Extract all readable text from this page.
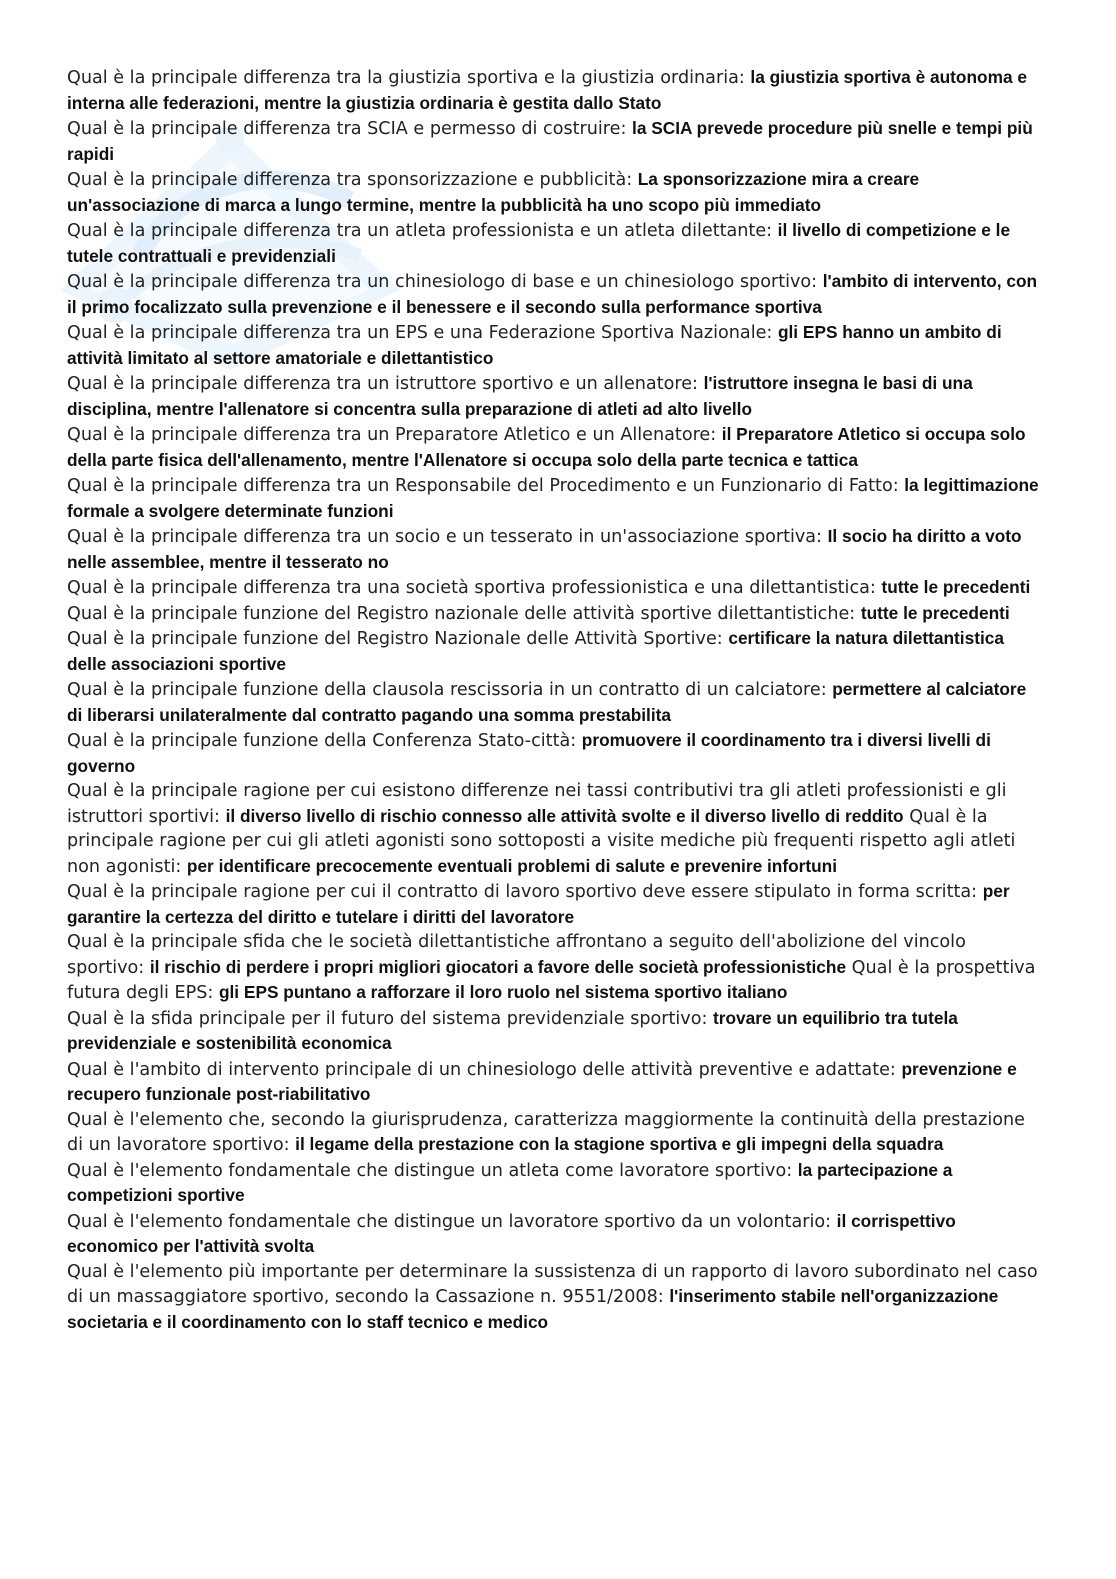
Qual è la principale differenza tra la giustizia sportiva e la giustizia ordinaria: la giustizia sportiva è autonoma e interna alle federazioni, mentre la giustizia ordinaria è gestita dallo Stato
Qual è la principale differenza tra SCIA e permesso di costruire: la SCIA prevede procedure più snelle e tempi più rapidi
Qual è la principale differenza tra sponsorizzazione e pubblicità: La sponsorizzazione mira a creare un'associazione di marca a lungo termine, mentre la pubblicità ha uno scopo più immediato
Qual è la principale differenza tra un atleta professionista e un atleta dilettante: il livello di competizione e le tutele contrattuali e previdenziali
Qual è la principale differenza tra un chinesiologo di base e un chinesiologo sportivo: l'ambito di intervento, con il primo focalizzato sulla prevenzione e il benessere e il secondo sulla performance sportiva
Qual è la principale differenza tra un EPS e una Federazione Sportiva Nazionale: gli EPS hanno un ambito di attività limitato al settore amatoriale e dilettantistico
Qual è la principale differenza tra un istruttore sportivo e un allenatore: l'istruttore insegna le basi di una disciplina, mentre l'allenatore si concentra sulla preparazione di atleti ad alto livello
Qual è la principale differenza tra un Preparatore Atletico e un Allenatore: il Preparatore Atletico si occupa solo della parte fisica dell'allenamento, mentre l'Allenatore si occupa solo della parte tecnica e tattica
Qual è la principale differenza tra un Responsabile del Procedimento e un Funzionario di Fatto: la legittimazione formale a svolgere determinate funzioni
Qual è la principale differenza tra un socio e un tesserato in un'associazione sportiva: Il socio ha diritto a voto nelle assemblee, mentre il tesserato no
Qual è la principale differenza tra una società sportiva professionistica e una dilettantistica: tutte le precedenti
Qual è la principale funzione del Registro nazionale delle attività sportive dilettantistiche: tutte le precedenti
Qual è la principale funzione del Registro Nazionale delle Attività Sportive: certificare la natura dilettantistica delle associazioni sportive
Qual è la principale funzione della clausola rescissoria in un contratto di un calciatore: permettere al calciatore di liberarsi unilateralmente dal contratto pagando una somma prestabilita
Qual è la principale funzione della Conferenza Stato-città: promuovere il coordinamento tra i diversi livelli di governo
Qual è la principale ragione per cui esistono differenze nei tassi contributivi tra gli atleti professionisti e gli istruttori sportivi: il diverso livello di rischio connesso alle attività svolte e il diverso livello di reddito Qual è la principale ragione per cui gli atleti agonisti sono sottoposti a visite mediche più frequenti rispetto agli atleti non agonisti: per identificare precocemente eventuali problemi di salute e prevenire infortuni
Qual è la principale ragione per cui il contratto di lavoro sportivo deve essere stipulato in forma scritta: per garantire la certezza del diritto e tutelare i diritti del lavoratore
Qual è la principale sfida che le società dilettantistiche affrontano a seguito dell'abolizione del vincolo sportivo: il rischio di perdere i propri migliori giocatori a favore delle società professionistiche Qual è la prospettiva futura degli EPS: gli EPS puntano a rafforzare il loro ruolo nel sistema sportivo italiano
Qual è la sfida principale per il futuro del sistema previdenziale sportivo: trovare un equilibrio tra tutela previdenziale e sostenibilità economica
Qual è l'ambito di intervento principale di un chinesiologo delle attività preventive e adattate: prevenzione e recupero funzionale post-riabilitativo
Qual è l'elemento che, secondo la giurisprudenza, caratterizza maggiormente la continuità della prestazione di un lavoratore sportivo: il legame della prestazione con la stagione sportiva e gli impegni della squadra
Qual è l'elemento fondamentale che distingue un atleta come lavoratore sportivo: la partecipazione a competizioni sportive
Qual è l'elemento fondamentale che distingue un lavoratore sportivo da un volontario: il corrispettivo economico per l'attività svolta
Qual è l'elemento più importante per determinare la sussistenza di un rapporto di lavoro subordinato nel caso di un massaggiatore sportivo, secondo la Cassazione n. 9551/2008: l'inserimento stabile nell'organizzazione societaria e il coordinamento con lo staff tecnico e medico
